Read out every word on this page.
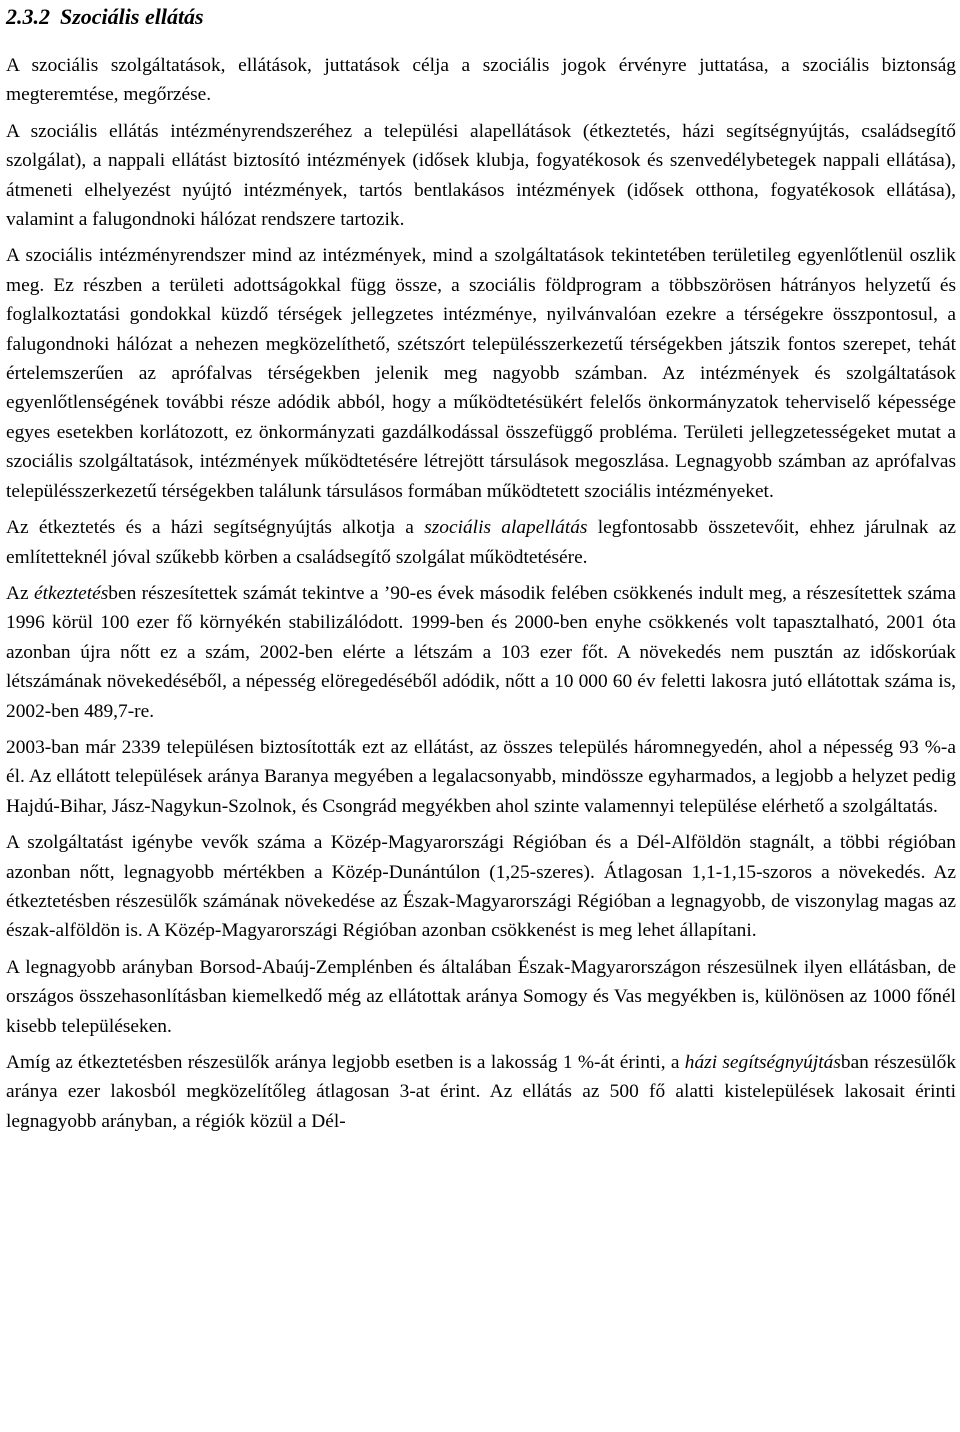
2.3.2 Szociális ellátás

A szociális szolgáltatások, ellátások, juttatások célja a szociális jogok érvényre juttatása, a szociális biztonság megteremtése, megőrzése.

A szociális ellátás intézményrendszeréhez a települési alapellátások (étkeztetés, házi segítségnyújtás, családsegítő szolgálat), a nappali ellátást biztosító intézmények (idősek klubja, fogyatékosok és szenvedélybetegek nappali ellátása), átmeneti elhelyezést nyújtó intézmények, tartós bentlakásos intézmények (idősek otthona, fogyatékosok ellátása), valamint a falugondnoki hálózat rendszere tartozik.

A szociális intézményrendszer mind az intézmények, mind a szolgáltatások tekintetében területileg egyenlőtlenül oszlik meg. Ez részben a területi adottságokkal függ össze, a szociális földprogram a többszörösen hátrányos helyzetű és foglalkoztatási gondokkal küzdő térségek jellegzetes intézménye, nyilvánvalóan ezekre a térségekre összpontosul, a falugondnoki hálózat a nehezen megközelíthető, szétszórt településszerkezetű térségekben játszik fontos szerepet, tehát értelemszerűen az aprófalvas térségekben jelenik meg nagyobb számban. Az intézmények és szolgáltatások egyenlőtlenségének további része adódik abból, hogy a működtetésükért felelős önkormányzatok teherviselő képessége egyes esetekben korlátozott, ez önkormányzati gazdálkodással összefüggő probléma. Területi jellegzetességeket mutat a szociális szolgáltatások, intézmények működtetésére létrejött társulások megoszlása. Legnagyobb számban az aprófalvas településszerkezetű térségekben találunk társulásos formában működtetett szociális intézményeket.

Az étkeztetés és a házi segítségnyújtás alkotja a szociális alapellátás legfontosabb összetevőit, ehhez járulnak az említetteknél jóval szűkebb körben a családsegítő szolgálat működtetésére.

Az étkeztetésben részesítettek számát tekintve a ’90-es évek második felében csökkenés indult meg, a részesítettek száma 1996 körül 100 ezer fő környékén stabilizálódott. 1999-ben és 2000-ben enyhe csökkenés volt tapasztalható, 2001 óta azonban újra nőtt ez a szám, 2002-ben elérte a létszám a 103 ezer főt. A növekedés nem pusztán az időskorúak létszámának növekedéséből, a népesség elöregedéséből adódik, nőtt a 10 000 60 év feletti lakosra jutó ellátottak száma is, 2002-ben 489,7-re.

2003-ban már 2339 településen biztosították ezt az ellátást, az összes település háromnegyedén, ahol a népesség 93 %-a él. Az ellátott települések aránya Baranya megyében a legalacsonyabb, mindössze egyharmados, a legjobb a helyzet pedig Hajdú-Bihar, Jász-Nagykun-Szolnok, és Csongrád megyékben ahol szinte valamennyi települése elérhető a szolgáltatás.

A szolgáltatást igénybe vevők száma a Közép-Magyarországi Régióban és a Dél-Alföldön stagnált, a többi régióban azonban nőtt, legnagyobb mértékben a Közép-Dunántúlon (1,25-szeres). Átlagosan 1,1-1,15-szoros a növekedés. Az étkeztetésben részesülők számának növekedése az Észak-Magyarországi Régióban a legnagyobb, de viszonylag magas az észak-alföldön is. A Közép-Magyarországi Régióban azonban csökkenést is meg lehet állapítani.

A legnagyobb arányban Borsod-Abaúj-Zemplénben és általában Észak-Magyarországon részesülnek ilyen ellátásban, de országos összehasonlításban kiemelkedő még az ellátottak aránya Somogy és Vas megyékben is, különösen az 1000 főnél kisebb településeken.

Amíg az étkeztetésben részesülők aránya legjobb esetben is a lakosság 1 %-át érinti, a házi segítségnyújtásban részesülők aránya ezer lakosból megközelítőleg átlagosan 3-at érint. Az ellátás az 500 fő alatti kistelepülések lakosait érinti legnagyobb arányban, a régiók közül a Dél-
